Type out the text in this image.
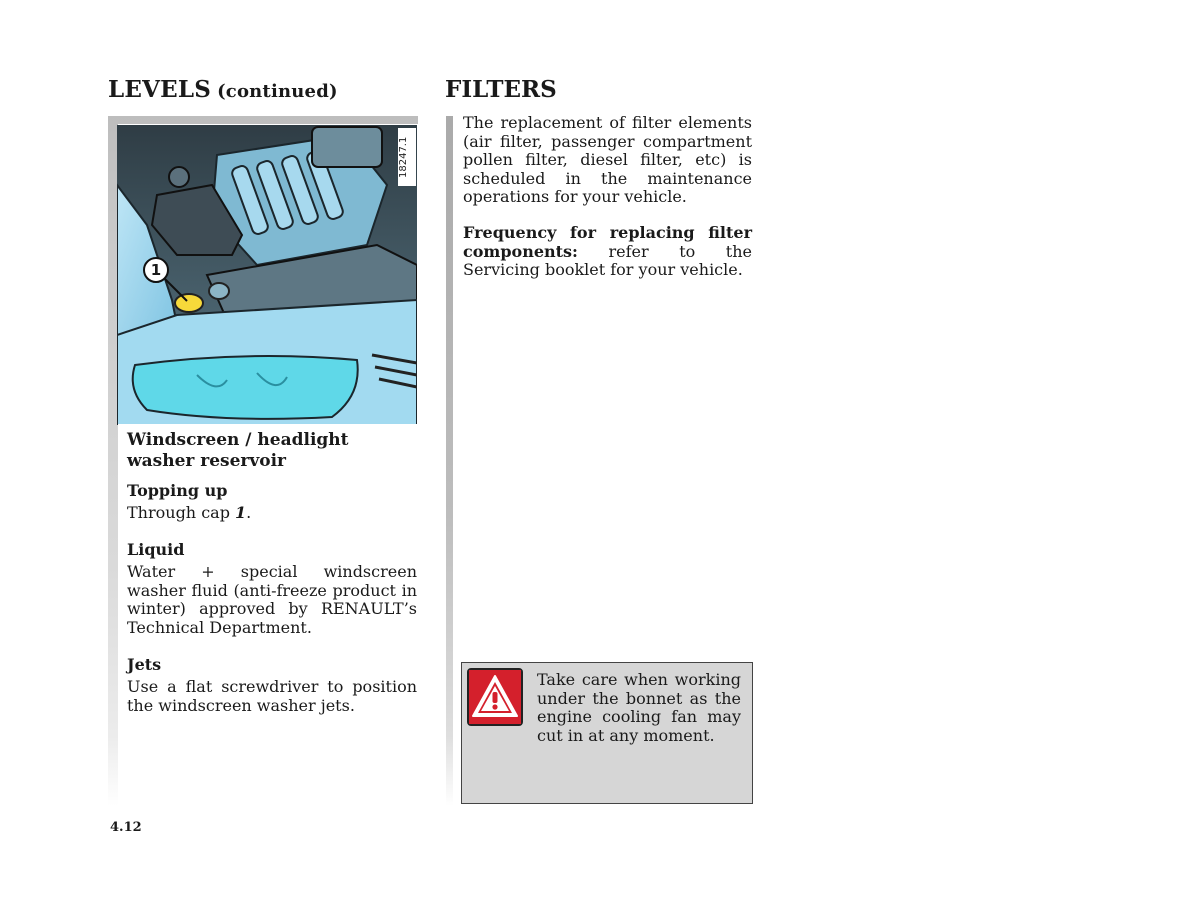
LEVELS (continued)	FILTERS
1
18247.1
Windscreen / headlight washer reservoir
Topping up
Through cap 1.
Liquid
Water + special windscreen washer fluid (anti-freeze product in winter) approved by RENAULT’s Technical Department.
Jets
Use a flat screwdriver to position the windscreen washer jets.
The replacement of filter elements (air filter, passenger compartment pollen filter, diesel filter, etc) is scheduled in the maintenance operations for your vehicle.
Frequency for replacing filter components: refer to the Servicing booklet for your vehicle.
Take care when working under the bonnet as the engine cooling fan may cut in at any moment.
4.12
